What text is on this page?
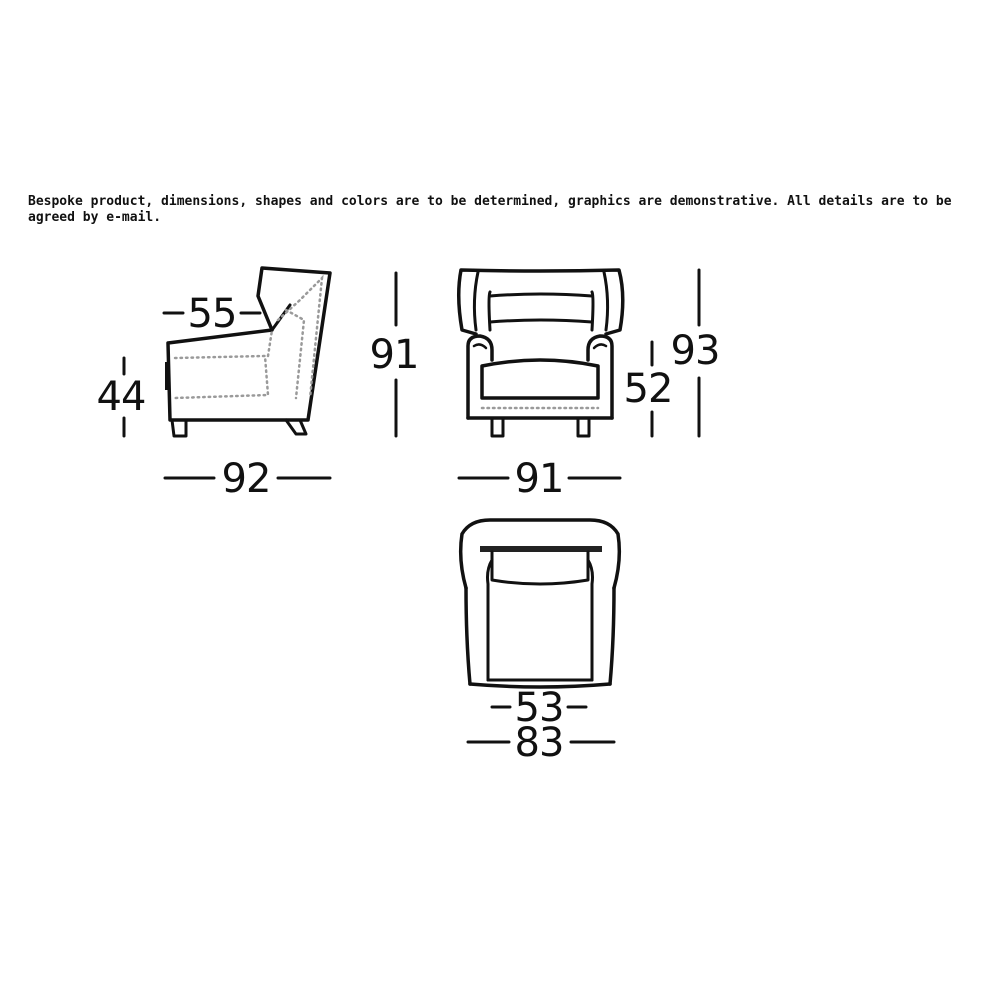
Bespoke product, dimensions, shapes and colors are to be determined, graphics are demonstrative. All details are to be agreed by e-mail.
55
44
92
91
91
52
93
53
83
